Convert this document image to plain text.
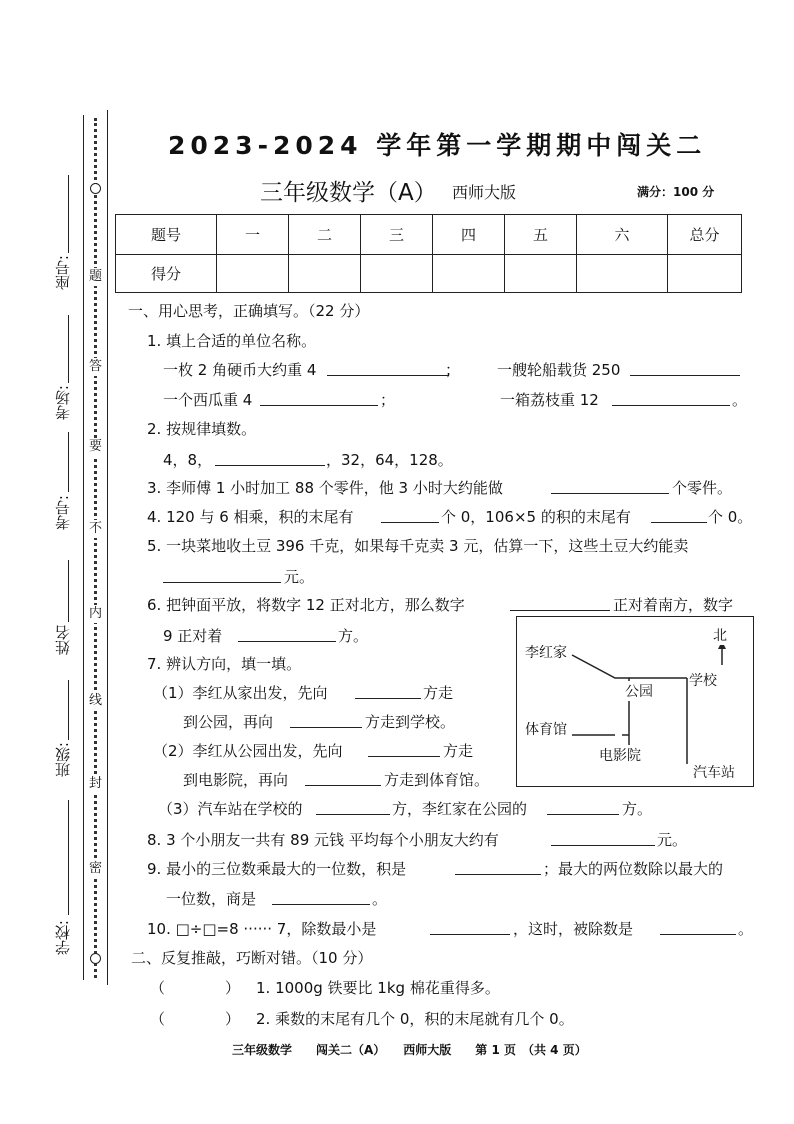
题
答
要
不
内
线
封
密
座号:
考场:
考号:
姓名
班级:
学校:
2023-2024 学年第一学期期中闯关二
三年级数学（A） 西师大版	满分：100 分
题号	一	二	三	四	五	六	总分
得分							
一、用心思考，正确填写。（22 分）
1. 填上合适的单位名称。
一枚 2 角硬币大约重 4	； 一艘轮船载货 250
一个西瓜重 4	；	一箱荔枝重 12	。
2. 按规律填数。
4，8，	，32，64，128。
3. 李师傅 1 小时加工 88 个零件，他 3 小时大约能做	个零件。
4. 120 与 6 相乘，积的末尾有	个 0，106×5 的积的末尾有	个 0。
5. 一块菜地收土豆 396 千克，如果每千克卖 3 元，估算一下，这些土豆大约能卖
元。
6. 把钟面平放，将数字 12 正对北方，那么数字	正对着南方，数字
9 正对着	方。
7. 辨认方向，填一填。
（1）李红从家出发，先向	方走
到公园，再向	方走到学校。
（2）李红从公园出发，先向	方走
到电影院，再向	方走到体育馆。
（3）汽车站在学校的	方，李红家在公园的	方。
北
李红家
公园
学校
体育馆
电影院
汽车站
8. 3 个小朋友一共有 89 元钱 平均每个小朋友大约有	元。
9. 最小的三位数乘最大的一位数，积是	；最大的两位数除以最大的
一位数，商是	。
10. □÷□=8 ······ 7，除数最小是	，这时，被除数是	。
二、反复推敲，巧断对错。（10 分）
（　　　　） 1. 1000g 铁要比 1kg 棉花重得多。
（　　　　） 2. 乘数的末尾有几个 0，积的末尾就有几个 0。
三年级数学　　闯关二（A）　　西师大版　　第 1 页　（共 4 页）
